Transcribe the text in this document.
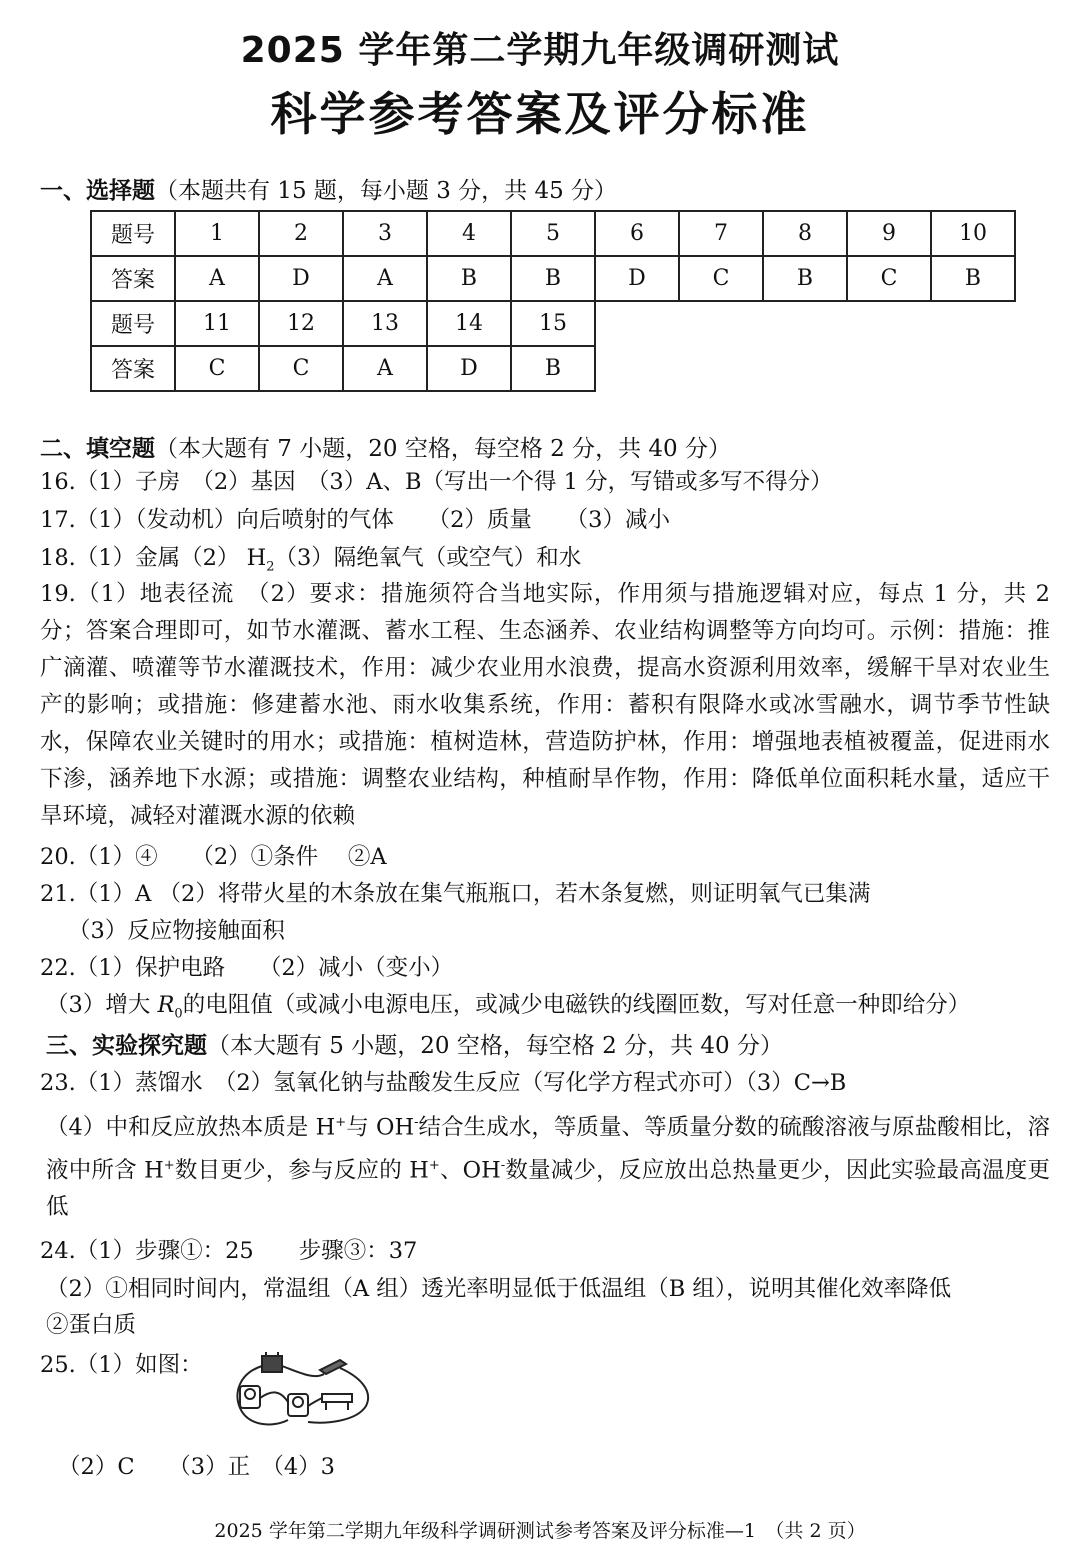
2025 学年第二学期九年级调研测试
科学参考答案及评分标准
一、选择题（本题共有 15 题，每小题 3 分，共 45 分）
题号	1	2	3	4	5	6	7	8	9	10
答案	A	D	A	B	B	D	C	B	C	B
题号	11	12	13	14	15					
答案	C	C	A	D	B					
二、填空题（本大题有 7 小题，20 空格，每空格 2 分，共 40 分）
16.（1）子房　（2）基因　（3）A、B（写出一个得 1 分，写错或多写不得分）
17.（1）（发动机）向后喷射的气体　　（2）质量　　（3）减小
18.（1）金属（2） $H_2(3)$隔绝氧气（或空气）和水
19.（1）地表径流　（2）要求：措施须符合当地实际，作用须与措施逻辑对应，每点 1 分，共 2 分；答案合理即可，如节水灌溉、蓄水工程、生态涵养、农业结构调整等方向均可。示例：措施：推广滴灌、喷灌等节水灌溉技术，作用：减少农业用水浪费，提高水资源利用效率，缓解干旱对农业生产的影响；或措施：修建蓄水池、雨水收集系统，作用：蓄积有限降水或冰雪融水，调节季节性缺水，保障农业关键时的用水；或措施：植树造林，营造防护林，作用：增强地表植被覆盖，促进雨水下渗，涵养地下水源；或措施：调整农业结构，种植耐旱作物，作用：降低单位面积耗水量，适应干旱环境，减轻对灌溉水源的依赖
20.（1）④　　（2）①条件　 ②A
21.（1）A （2）将带火星的木条放在集气瓶瓶口，若木条复燃，则证明氧气已集满
（3）反应物接触面积
22.（1）保护电路　　（2）减小（变小）
（3）增大 $R_0$的电阻值（或减小电源电压，或减少电磁铁的线圈匝数，写对任意一种即给分）
三、实验探究题（本大题有 5 小题，20 空格，每空格 2 分，共 40 分）
23.（1）蒸馏水　（2）氢氧化钠与盐酸发生反应（写化学方程式亦可）（3）C→B
（4）中和反应放热本质是 H+与 OH-结合生成水，等质量、等质量分数的硫酸溶液与原盐酸相比，溶液中所含 H+数目更少，参与反应的 H+、OH-数量减少，反应放出总热量更少，因此实验最高温度更低
24.（1）步骤①：25　　步骤③：37
（2）①相同时间内，常温组（A 组）透光率明显低于低温组（B 组），说明其催化效率降低
②蛋白质
25.（1）如图：
（2）C　　（3）正　（4）3
2025 学年第二学期九年级科学调研测试参考答案及评分标准—1　（共 2 页）
